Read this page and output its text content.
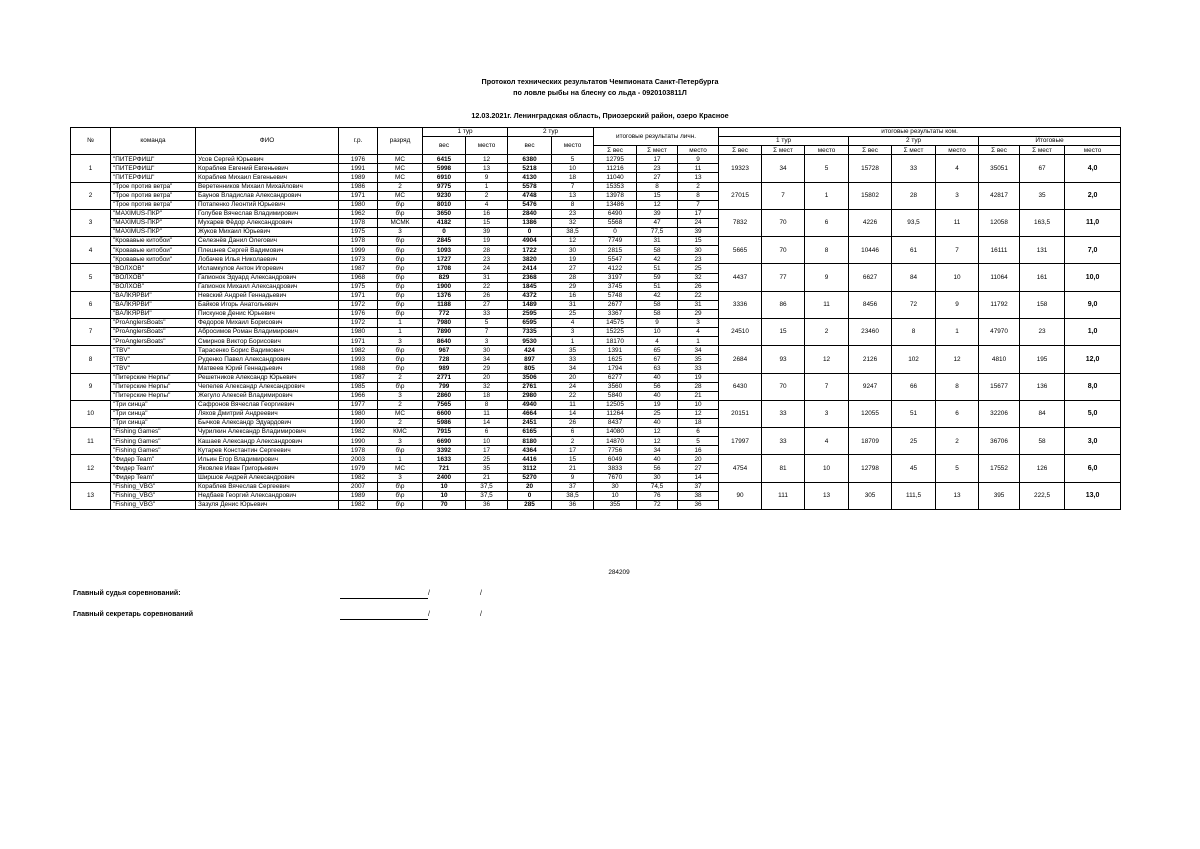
Протокол технических результатов Чемпионата Санкт-Петербурга
по ловле рыбы на блесну со льда - 0920103811Л
12.03.2021г. Ленинградская область, Приозерский район, озеро Красное
№	команда	ФИО	г.р.	разряд	1 тур		2 тур		итоговые результаты личн.			итоговые результаты ком.								
					вес	место	вес	место				1 тур			2 тур			Итоговые		
									Σ вес	Σ мест	место	Σ вес	Σ мест	место	Σ вес	Σ мест	место	Σ вес	Σ мест	место
1	"ПИТЕРФИШ"	Усов Сергей Юрьевич	1976	МС	6415	12	6380	5	12795	17	9	19323	34	5	15728	33	4	35051	67	4,0
	"ПИТЕРФИШ"	Кораблев Евгений Евгеньевич	1991	МС	5998	13	5218	10	11216	23	11									
	"ПИТЕРФИШ"	Кораблев Михаил Евгеньевич	1989	МС	6910	9	4130	18	11040	27	13									
2	"Трое против ветра"	Веретенников Михаил Михайлович	1986	2	9775	1	5578	7	15353	8	2	27015	7	1	15802	28	3	42817	35	2,0
	"Трое против ветра"	Баунов Владислав Александрович	1971	МС	9230	2	4748	13	13978	15	8									
	"Трое против ветра"	Потапенко Леонтий Юрьевич	1980	б\р	8010	4	5476	8	13486	12	7									
3	"MAXIMUS-ПКР"	Голубев Вячеслав Владимирович	1962	б\р	3650	16	2840	23	6490	39	17	7832	70	6	4226	93,5	11	12058	163,5	11,0
	"MAXIMUS-ПКР"	Мухарев Фёдор Александрович	1978	МСМК	4182	15	1386	32	5568	47	24									
	"MAXIMUS-ПКР"	Жуков Михаил Юрьевич	1975	3	0	39	0	38,5	0	77,5	39									
4	"Кровавые китобои"	Селезнёв Данил Олегович	1978	б\р	2845	19	4904	12	7749	31	15	5665	70	8	10446	61	7	16111	131	7,0
	"Кровавые китобои"	Плешнев Сергей Вадимович	1999	б\р	1093	28	1722	30	2815	58	30									
	"Кровавые китобои"	Лобачев Илья Николаевич	1973	б\р	1727	23	3820	19	5547	42	23									
5	"ВОЛХОВ"	Исламкулов Антон Игоревич	1987	б\р	1708	24	2414	27	4122	51	25	4437	77	9	6627	84	10	11064	161	10,0
	"ВОЛХОВ"	Гапионок Эдуард Александрович	1968	б\р	829	31	2368	28	3197	59	32									
	"ВОЛХОВ"	Гапионок Михаил Александрович	1975	б\р	1900	22	1845	29	3745	51	26									
6	"ВАЛКЯРВИ"	Невский Андрей Геннадьевич	1971	б\р	1376	26	4372	16	5748	42	22	3336	86	11	8456	72	9	11792	158	9,0
	"ВАЛКЯРВИ"	Байков Игорь Анатольевич	1972	б\р	1188	27	1489	31	2677	58	31									
	"ВАЛКЯРВИ"	Пискунов Денис Юрьевич	1976	б\р	772	33	2595	25	3367	58	29									
7	"ProAnglersBoats"	Федоров Михаил Борисович	1972	1	7980	5	6595	4	14575	9	3	24510	15	2	23460	8	1	47970	23	1,0
	"ProAnglersBoats"	Абросимов Роман Владимирович	1980	1	7890	7	7335	3	15225	10	4									
	"ProAnglersBoats"	Смирнов Виктор Борисович	1971	3	8640	3	9530	1	18170	4	1									
8	"TBV"	Тарасенко Борис Вадимович	1982	б\р	967	30	424	35	1391	65	34	2684	93	12	2126	102	12	4810	195	12,0
	"TBV"	Руденко Павел Александрович	1993	б\р	728	34	897	33	1625	67	35									
	"TBV"	Матвеев Юрий Геннадьевич	1988	б\р	989	29	805	34	1794	63	33									
9	"Питерские Нерпы"	Решетников Александр Юрьевич	1987	2	2771	20	3506	20	6277	40	19	6430	70	7	9247	66	8	15677	136	8,0
	"Питерские Нерпы"	Чепелев Александр Александрович	1985	б\р	799	32	2761	24	3560	56	28									
	"Питерские Нерпы"	Жегуло Алексей Владимирович	1966	3	2860	18	2980	22	5840	40	21									
10	"Три синца"	Сафронов Вячеслав Георгиевич	1977	2	7565	8	4940	11	12505	19	10	20151	33	3	12055	51	6	32206	84	5,0
	"Три синца"	Ляхов Дмитрий Андреевич	1980	МС	6600	11	4664	14	11264	25	12									
	"Три синца"	Бычков Александр Эдуардович	1990	2	5986	14	2451	26	8437	40	18									
11	"Fishing Games"	Чурилкин Александр Владимирович	1982	КМС	7915	6	6165	6	14080	12	6	17997	33	4	18709	25	2	36706	58	3,0
	"Fishing Games"	Кашаев Александр Александрович	1990	3	6690	10	8180	2	14870	12	5									
	"Fishing Games"	Кутарев Константин Сергеевич	1978	б\р	3392	17	4364	17	7756	34	16									
12	"Фидер Team"	Ильин Егор Владимирович	2003	1	1633	25	4416	15	6049	40	20	4754	81	10	12798	45	5	17552	126	6,0
	"Фидер Team"	Яковлев Иван Григорьевич	1979	МС	721	35	3112	21	3833	56	27									
	"Фидер Team"	Ширшов Андрей Александрович	1982	3	2400	21	5270	9	7670	30	14									
13	"Fishing_VBG"	Кораблев Вячеслав Сергеевич	2007	б\р	10	37,5	20	37	30	74,5	37	90	111	13	305	111,5	13	395	222,5	13,0
	"Fishing_VBG"	Недбаев Георгий Александрович	1989	б\р	10	37,5	0	38,5	10	76	38									
	"Fishing_VBG"	Зазуля Денис Юрьевич	1982	б\р	70	36	285	36	355	72	36									
284209
Главный судья соревнований:	/	/
Главный секретарь соревнований	/	/
